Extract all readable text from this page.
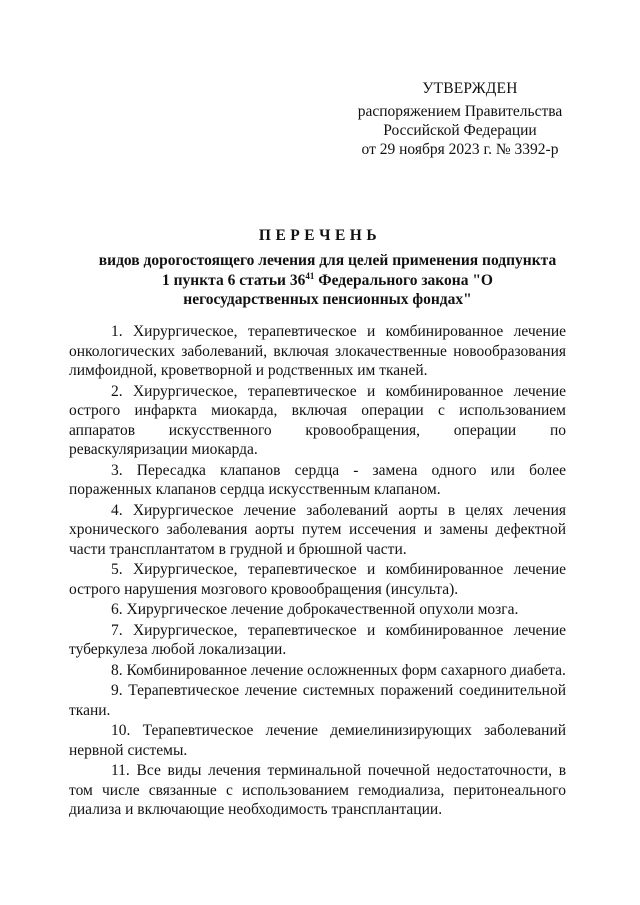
УТВЕРЖДЕН
распоряжением Правительства
Российской Федерации
от 29 ноября 2023 г. № 3392-р
ПЕРЕЧЕНЬ
видов дорогостоящего лечения для целей применения подпункта 1 пункта 6 статьи $36^{41}$ Федерального закона "О негосударственных пенсионных фондах"

1. Хирургическое, терапевтическое и комбинированное лечение онкологических заболеваний, включая злокачественные новообразования лимфоидной, кроветворной и родственных им тканей.

2. Хирургическое, терапевтическое и комбинированное лечение острого инфаркта миокарда, включая операции с использованием аппаратов искусственного кровообращения, операции по реваскуляризации миокарда.

3. Пересадка клапанов сердца - замена одного или более пораженных клапанов сердца искусственным клапаном.

4. Хирургическое лечение заболеваний аорты в целях лечения хронического заболевания аорты путем иссечения и замены дефектной части трансплантатом в грудной и брюшной части.

5. Хирургическое, терапевтическое и комбинированное лечение острого нарушения мозгового кровообращения (инсульта).

6. Хирургическое лечение доброкачественной опухоли мозга.

7. Хирургическое, терапевтическое и комбинированное лечение туберкулеза любой локализации.

8. Комбинированное лечение осложненных форм сахарного диабета.

9. Терапевтическое лечение системных поражений соединительной ткани.

10. Терапевтическое лечение демиелинизирующих заболеваний нервной системы.

11. Все виды лечения терминальной почечной недостаточности, в том числе связанные с использованием гемодиализа, перитонеального диализа и включающие необходимость трансплантации.
